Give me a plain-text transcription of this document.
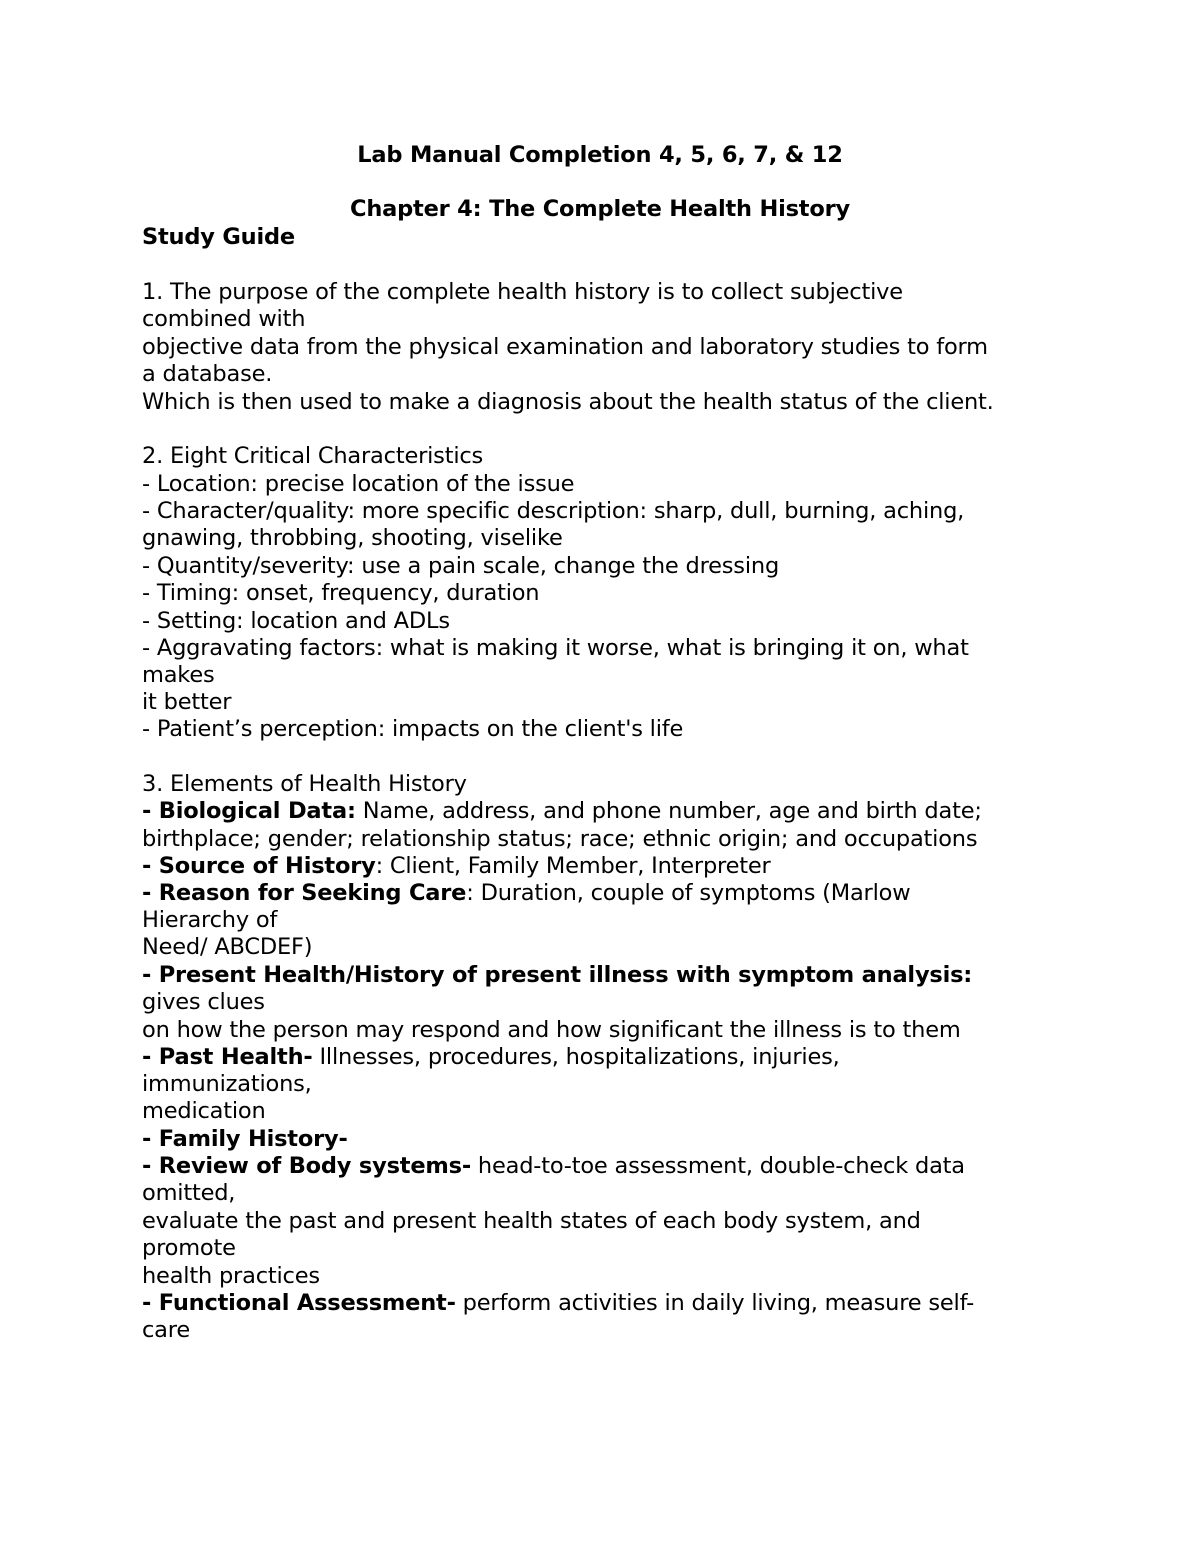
Lab Manual Completion 4, 5, 6, 7, & 12
Chapter 4: The Complete Health History
Study Guide
1. The purpose of the complete health history is to collect subjective
combined with
objective data from the physical examination and laboratory studies to form
a database.
Which is then used to make a diagnosis about the health status of the client.
2. Eight Critical Characteristics
- Location: precise location of the issue
- Character/quality: more specific description: sharp, dull, burning, aching,
gnawing, throbbing, shooting, viselike
- Quantity/severity: use a pain scale, change the dressing
- Timing: onset, frequency, duration
- Setting: location and ADLs
- Aggravating factors: what is making it worse, what is bringing it on, what
makes
it better
- Patient’s perception: impacts on the client's life
3. Elements of Health History
- Biological Data: Name, address, and phone number, age and birth date;
birthplace; gender; relationship status; race; ethnic origin; and occupations
- Source of History: Client, Family Member, Interpreter
- Reason for Seeking Care: Duration, couple of symptoms (Marlow
Hierarchy of
Need/ ABCDEF)
- Present Health/History of present illness with symptom analysis:
gives clues
on how the person may respond and how significant the illness is to them
- Past Health- Illnesses, procedures, hospitalizations, injuries,
immunizations,
medication
- Family History-
- Review of Body systems- head-to-toe assessment, double-check data
omitted,
evaluate the past and present health states of each body system, and
promote
health practices
- Functional Assessment- perform activities in daily living, measure self-
care
